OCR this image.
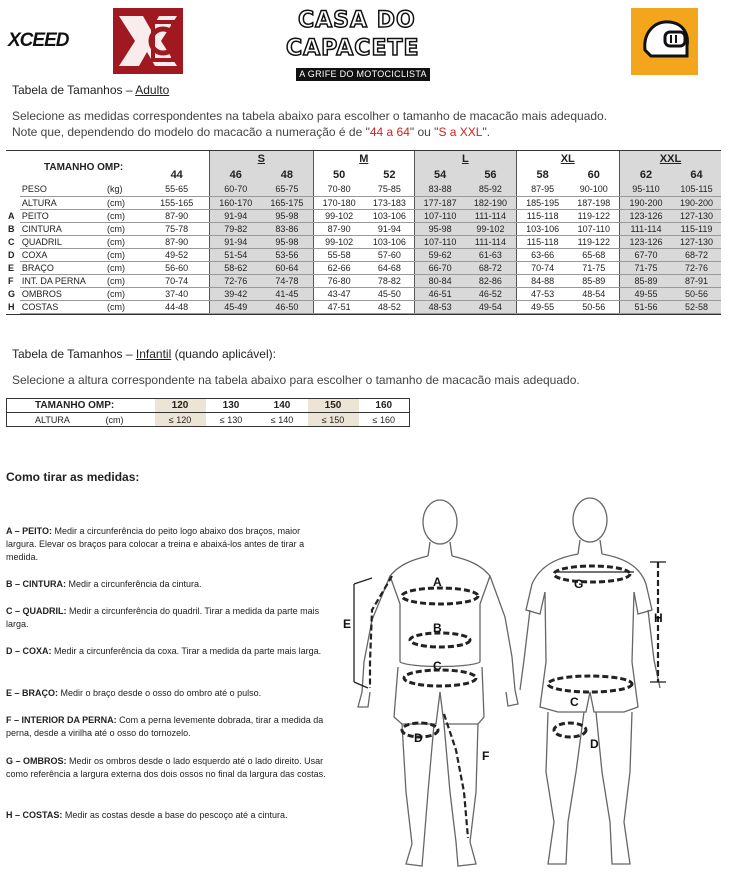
XCEED
CASA DO
CAPACETE
A GRIFE DO MOTOCICLISTA
Tabela de Tamanhos – Adulto
Selecione as medidas correspondentes na tabela abaixo para escolher o tamanho de macacão mais adequado.
Note que, dependendo do modelo do macacão a numeração é de "44 a 64" ou "S a XXL".
TAMANHO OMP:				S		M		L		XL		XXL	
			44	46	48	50	52	54	56	58	60	62	64
	PESO	(kg)	55-65	60-70	65-75	70-80	75-85	83-88	85-92	87-95	90-100	95-110	105-115
	ALTURA	(cm)	155-165	160-170	165-175	170-180	173-183	177-187	182-190	185-195	187-198	190-200	190-200
A	PEITO	(cm)	87-90	91-94	95-98	99-102	103-106	107-110	111-114	115-118	119-122	123-126	127-130
B	CINTURA	(cm)	75-78	79-82	83-86	87-90	91-94	95-98	99-102	103-106	107-110	111-114	115-119
C	QUADRIL	(cm)	87-90	91-94	95-98	99-102	103-106	107-110	111-114	115-118	119-122	123-126	127-130
D	COXA	(cm)	49-52	51-54	53-56	55-58	57-60	59-62	61-63	63-66	65-68	67-70	68-72
E	BRAÇO	(cm)	56-60	58-62	60-64	62-66	64-68	66-70	68-72	70-74	71-75	71-75	72-76
F	INT. DA PERNA	(cm)	70-74	72-76	74-78	76-80	78-82	80-84	82-86	84-88	85-89	85-89	87-91
G	OMBROS	(cm)	37-40	39-42	41-45	43-47	45-50	46-51	46-52	47-53	48-54	49-55	50-56
H	COSTAS	(cm)	44-48	45-49	46-50	47-51	48-52	48-53	49-54	49-55	50-56	51-56	52-58
Tabela de Tamanhos – Infantil (quando aplicável):
Selecione a altura correspondente na tabela abaixo para escolher o tamanho de macacão mais adequado.
TAMANHO OMP:		120	130	140	150	160
ALTURA	(cm)	≤ 120	≤ 130	≤ 140	≤ 150	≤ 160
Como tirar as medidas:
A – PEITO: Medir a circunferência do peito logo abaixo dos braços, maior largura. Elevar os braços para colocar a treina e abaixá-los antes de tirar a medida.
B – CINTURA: Medir a circunferência da cintura.
C – QUADRIL: Medir a circunferência do quadril. Tirar a medida da parte mais larga.
D – COXA: Medir a circunferência da coxa. Tirar a medida da parte mais larga.
E – BRAÇO: Medir o braço desde o osso do ombro até o pulso.
F – INTERIOR DA PERNA: Com a perna levemente dobrada, tirar a medida da perna, desde a virilha até o osso do tornozelo.
G – OMBROS: Medir os ombros desde o lado esquerdo até o lado direito. Usar como referência a largura externa dos dois ossos no final da largura das costas.
H – COSTAS: Medir as costas desde a base do pescoço até a cintura.
A
B
C
D
E
F
G
H
C
D
